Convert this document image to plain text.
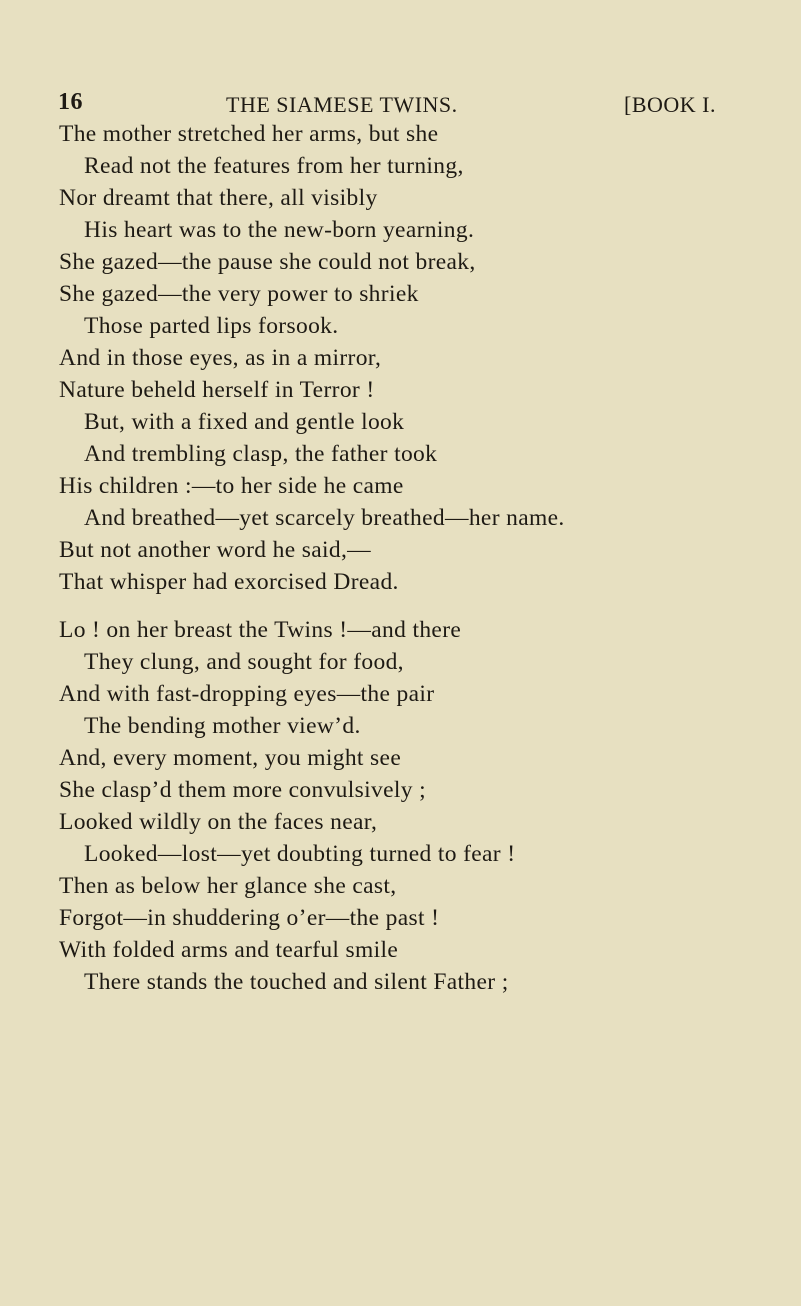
16	THE SIAMESE TWINS.	[BOOK I.
The mother stretched her arms, but she
Read not the features from her turning,
Nor dreamt that there, all visibly
His heart was to the new-born yearning.
She gazed—the pause she could not break,
She gazed—the very power to shriek
Those parted lips forsook.
And in those eyes, as in a mirror,
Nature beheld herself in Terror !
But, with a fixed and gentle look
And trembling clasp, the father took
His children :—to her side he came
And breathed—yet scarcely breathed—her name.
But not another word he said,—
That whisper had exorcised Dread.
Lo ! on her breast the Twins !—and there
They clung, and sought for food,
And with fast-dropping eyes—the pair
The bending mother view’d.
And, every moment, you might see
She clasp’d them more convulsively ;
Looked wildly on the faces near,
Looked—lost—yet doubting turned to fear !
Then as below her glance she cast,
Forgot—in shuddering o’er—the past !
With folded arms and tearful smile
There stands the touched and silent Father ;
